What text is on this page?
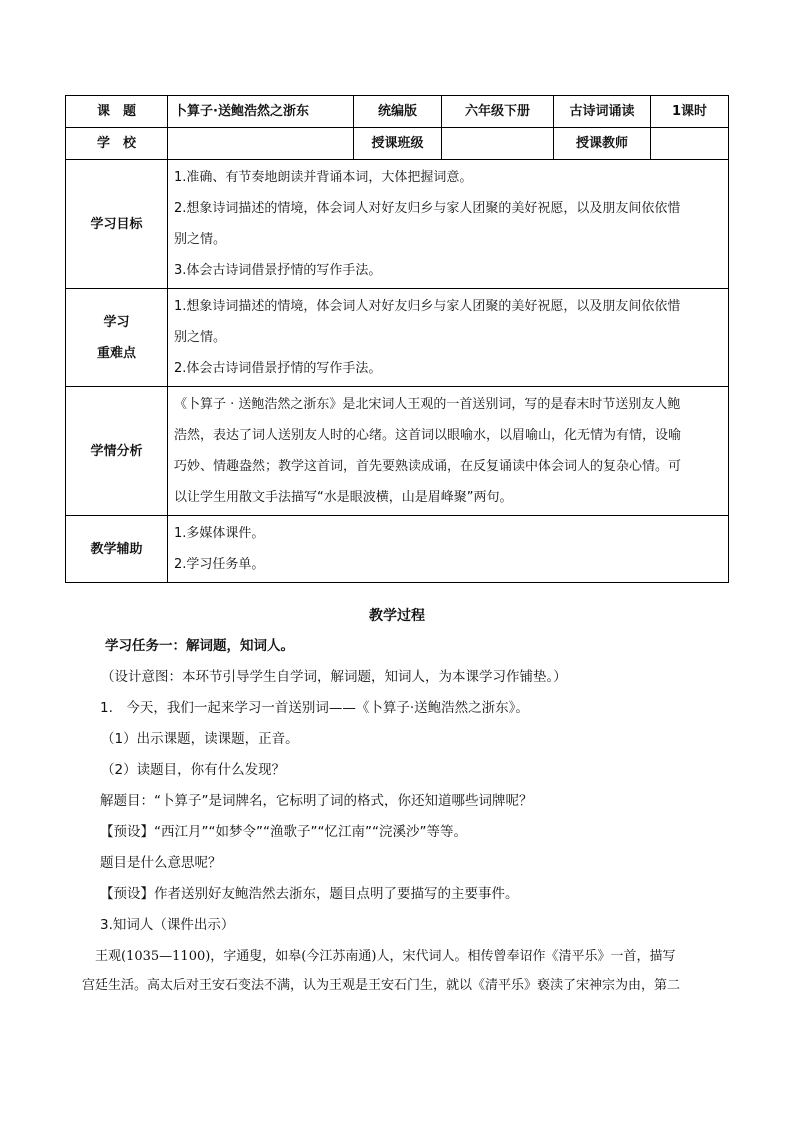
课　题	卜算子·送鲍浩然之浙东	统编版	六年级下册	古诗词诵读	1课时
学　校		授课班级		授课教师	
学习目标	1.准确、有节奏地朗读并背诵本词，大体把握词意。
2.想象诗词描述的情境，体会词人对好友归乡与家人团聚的美好祝愿，以及朋友间依依惜
别之情。
3.体会古诗词借景抒情的写作手法。				

学习
重难点	1.想象诗词描述的情境，体会词人对好友归乡与家人团聚的美好祝愿，以及朋友间依依惜
别之情。
2.体会古诗词借景抒情的写作手法。				

学情分析	《卜算子 · 送鲍浩然之浙东》是北宋词人王观的一首送别词，写的是春末时节送别友人鲍
浩然，表达了词人送别友人时的心绪。这首词以眼喻水，以眉喻山，化无情为有情，设喻
巧妙、情趣盎然；教学这首词，首先要熟读成诵，在反复诵读中体会词人的复杂心情。可
以让学生用散文手法描写“水是眼波横，山是眉峰聚”两句。				

教学辅助	1.多媒体课件。
2.学习任务单。				
教学过程
学习任务一：解词题，知词人。
（设计意图：本环节引导学生自学词，解词题，知词人，为本课学习作铺垫。）
1.　今天，我们一起来学习一首送别词——《卜算子·送鲍浩然之浙东》。
（1）出示课题，读课题，正音。
（2）读题目，你有什么发现？
解题目：“卜算子”是词牌名，它标明了词的格式，你还知道哪些词牌呢？
【预设】“西江月”“如梦令”“渔歌子”“忆江南”“浣溪沙”等等。
题目是什么意思呢？
【预设】作者送别好友鲍浩然去浙东，题目点明了要描写的主要事件。
3.知词人（课件出示）
　王观(1035—1100)，字通叟，如皋(今江苏南通)人，宋代词人。相传曾奉诏作《清平乐》一首，描写
宫廷生活。高太后对王安石变法不满，认为王观是王安石门生，就以《清平乐》亵渎了宋神宗为由，第二
